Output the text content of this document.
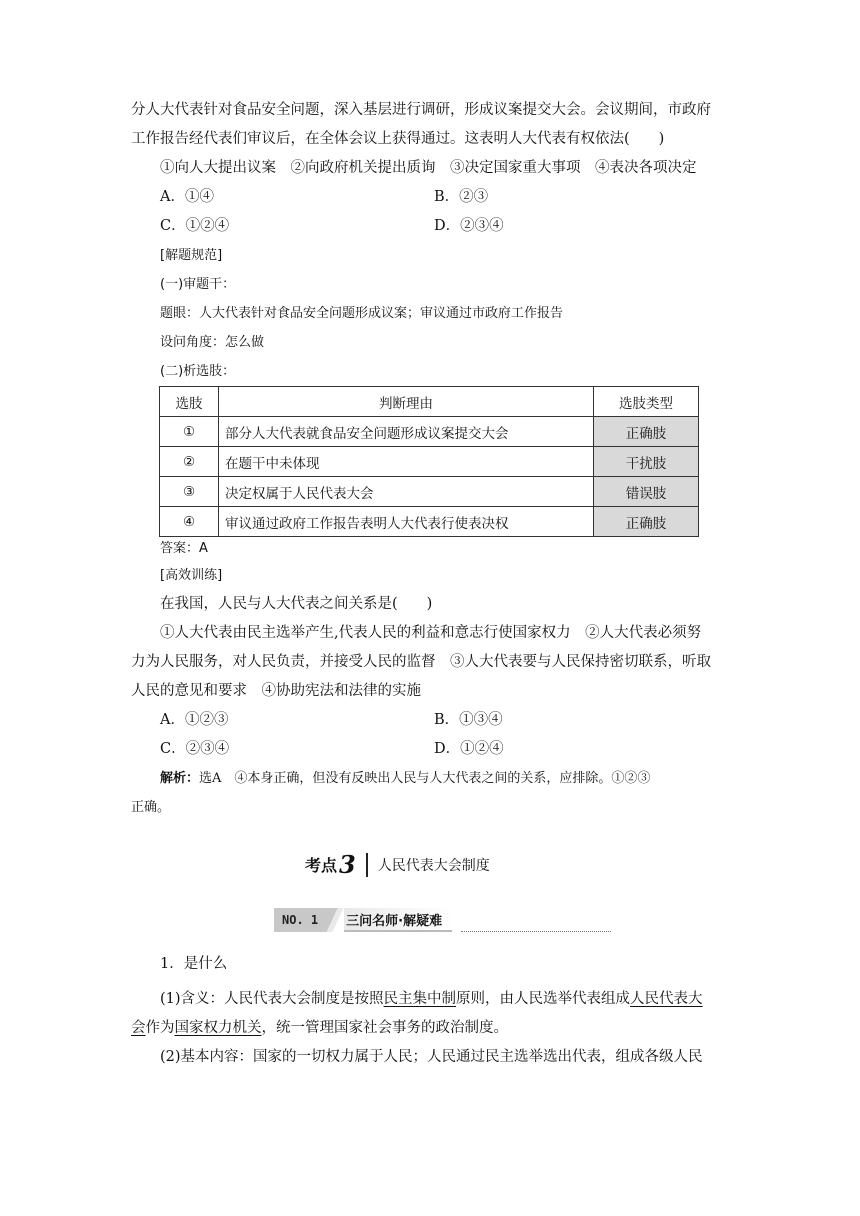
分人大代表针对食品安全问题，深入基层进行调研，形成议案提交大会。会议期间，市政府

工作报告经代表们审议后，在全体会议上获得通过。这表明人大代表有权依法(　　)

①向人大提出议案　②向政府机关提出质询　③决定国家重大事项　④表决各项决定

A．①④	B．②③
C．①②④	D．②③④

[解题规范]

(一)审题干：

题眼：人大代表针对食品安全问题形成议案；审议通过市政府工作报告

设问角度：怎么做

(二)析选肢：

选肢	判断理由	选肢类型
①	部分人大代表就食品安全问题形成议案提交大会	正确肢
②	在题干中未体现	干扰肢
③	决定权属于人民代表大会	错误肢
④	审议通过政府工作报告表明人大代表行使表决权	正确肢

答案：A

[高效训练]

在我国，人民与人大代表之间关系是(　　)

①人大代表由民主选举产生,代表人民的利益和意志行使国家权力　②人大代表必须努

力为人民服务，对人民负责，并接受人民的监督　③人大代表要与人民保持密切联系，听取

人民的意见和要求　④协助宪法和法律的实施

A．①②③	B．①③④
C．②③④	D．①②④

解析：选A　④本身正确，但没有反映出人民与人大代表之间的关系，应排除。①②③

正确。

考点 3 人民代表大会制度
NO. 1	三问名师·解疑难

1．是什么

(1)含义：人民代表大会制度是按照民主集中制原则，由人民选举代表组成人民代表大

会作为国家权力机关，统一管理国家社会事务的政治制度。

(2)基本内容：国家的一切权力属于人民；人民通过民主选举选出代表，组成各级人民
